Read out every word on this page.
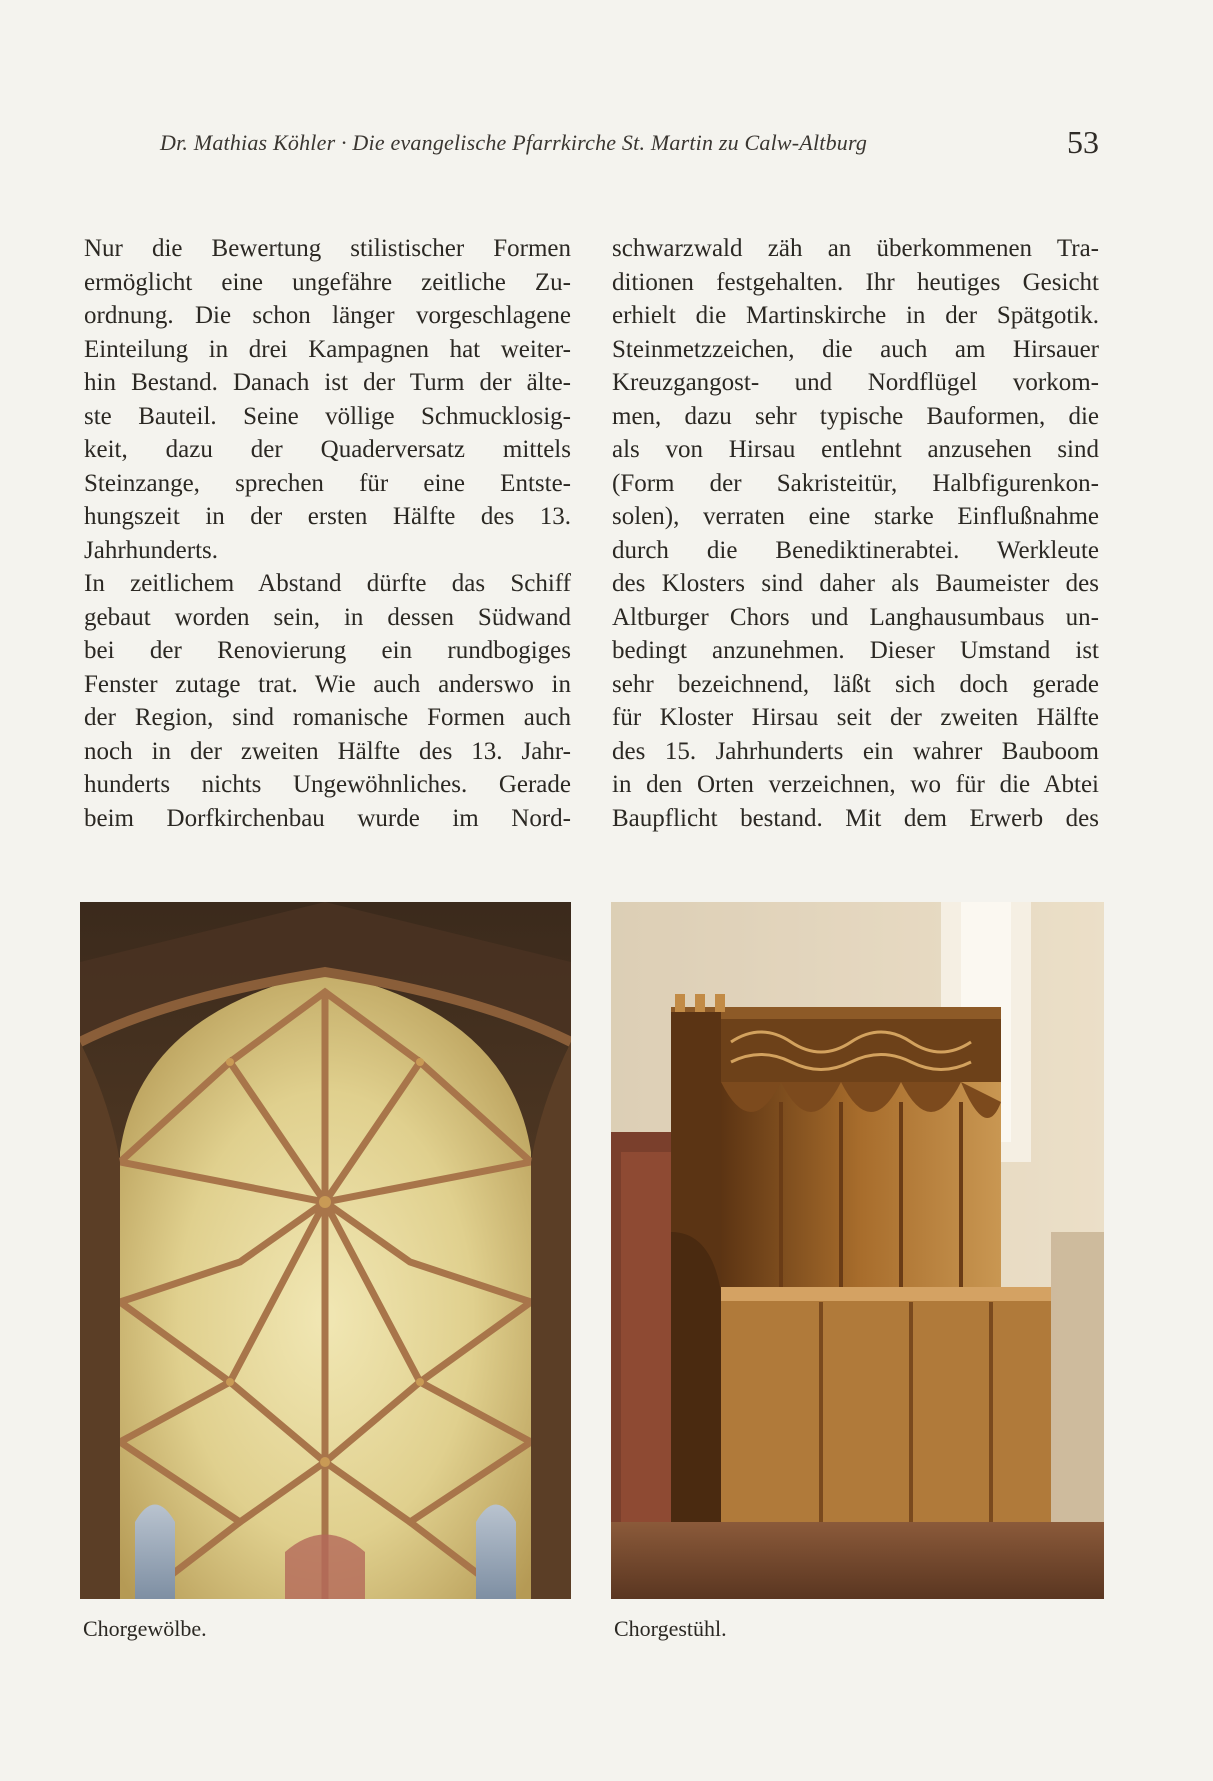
Dr. Mathias Köhler · Die evangelische Pfarrkirche St. Martin zu Calw-Altburg	53
Nur die Bewertung stilistischer Formen
ermöglicht eine ungefähre zeitliche Zu-
ordnung. Die schon länger vorgeschlagene
Einteilung in drei Kampagnen hat weiter-
hin Bestand. Danach ist der Turm der älte-
ste Bauteil. Seine völlige Schmucklosig-
keit, dazu der Quaderversatz mittels
Steinzange, sprechen für eine Entste-
hungszeit in der ersten Hälfte des 13.
Jahrhunderts.
In zeitlichem Abstand dürfte das Schiff
gebaut worden sein, in dessen Südwand
bei der Renovierung ein rundbogiges
Fenster zutage trat. Wie auch anderswo in
der Region, sind romanische Formen auch
noch in der zweiten Hälfte des 13. Jahr-
hunderts nichts Ungewöhnliches. Gerade
beim Dorfkirchenbau wurde im Nord-
schwarzwald zäh an überkommenen Tra-
ditionen festgehalten. Ihr heutiges Gesicht
erhielt die Martinskirche in der Spätgotik.
Steinmetzzeichen, die auch am Hirsauer
Kreuzgangost- und Nordflügel vorkom-
men, dazu sehr typische Bauformen, die
als von Hirsau entlehnt anzusehen sind
(Form der Sakristeitür, Halbfigurenkon-
solen), verraten eine starke Einflußnahme
durch die Benediktinerabtei. Werkleute
des Klosters sind daher als Baumeister des
Altburger Chors und Langhausumbaus un-
bedingt anzunehmen. Dieser Umstand ist
sehr bezeichnend, läßt sich doch gerade
für Kloster Hirsau seit der zweiten Hälfte
des 15. Jahrhunderts ein wahrer Bauboom
in den Orten verzeichnen, wo für die Abtei
Baupflicht bestand. Mit dem Erwerb des
Chorgewölbe.	Chorgestühl.
